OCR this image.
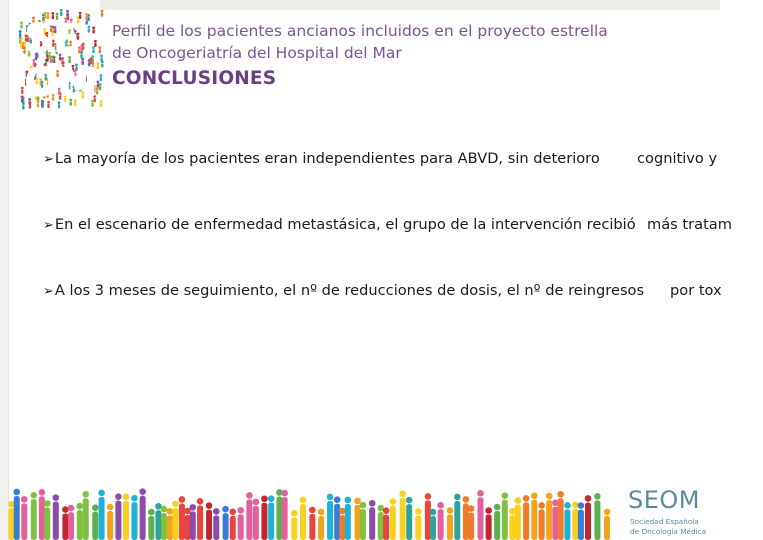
SE
OM
Perfil de los pacientes ancianos incluidos en el proyecto estrella
de Oncogeriatría del Hospital del Mar
CONCLUSIONES
➢La mayoría de los pacientes eran independientes para ABVD, sin deterioro	cognitivo y
➢En el escenario de enfermedad metastásica, el grupo de la intervención recibió más tratam
➢A los 3 meses de seguimiento, el nº de reducciones de dosis, el nº de reingresos por tox
SEOM
Sociedad Española
de Oncología Médica
